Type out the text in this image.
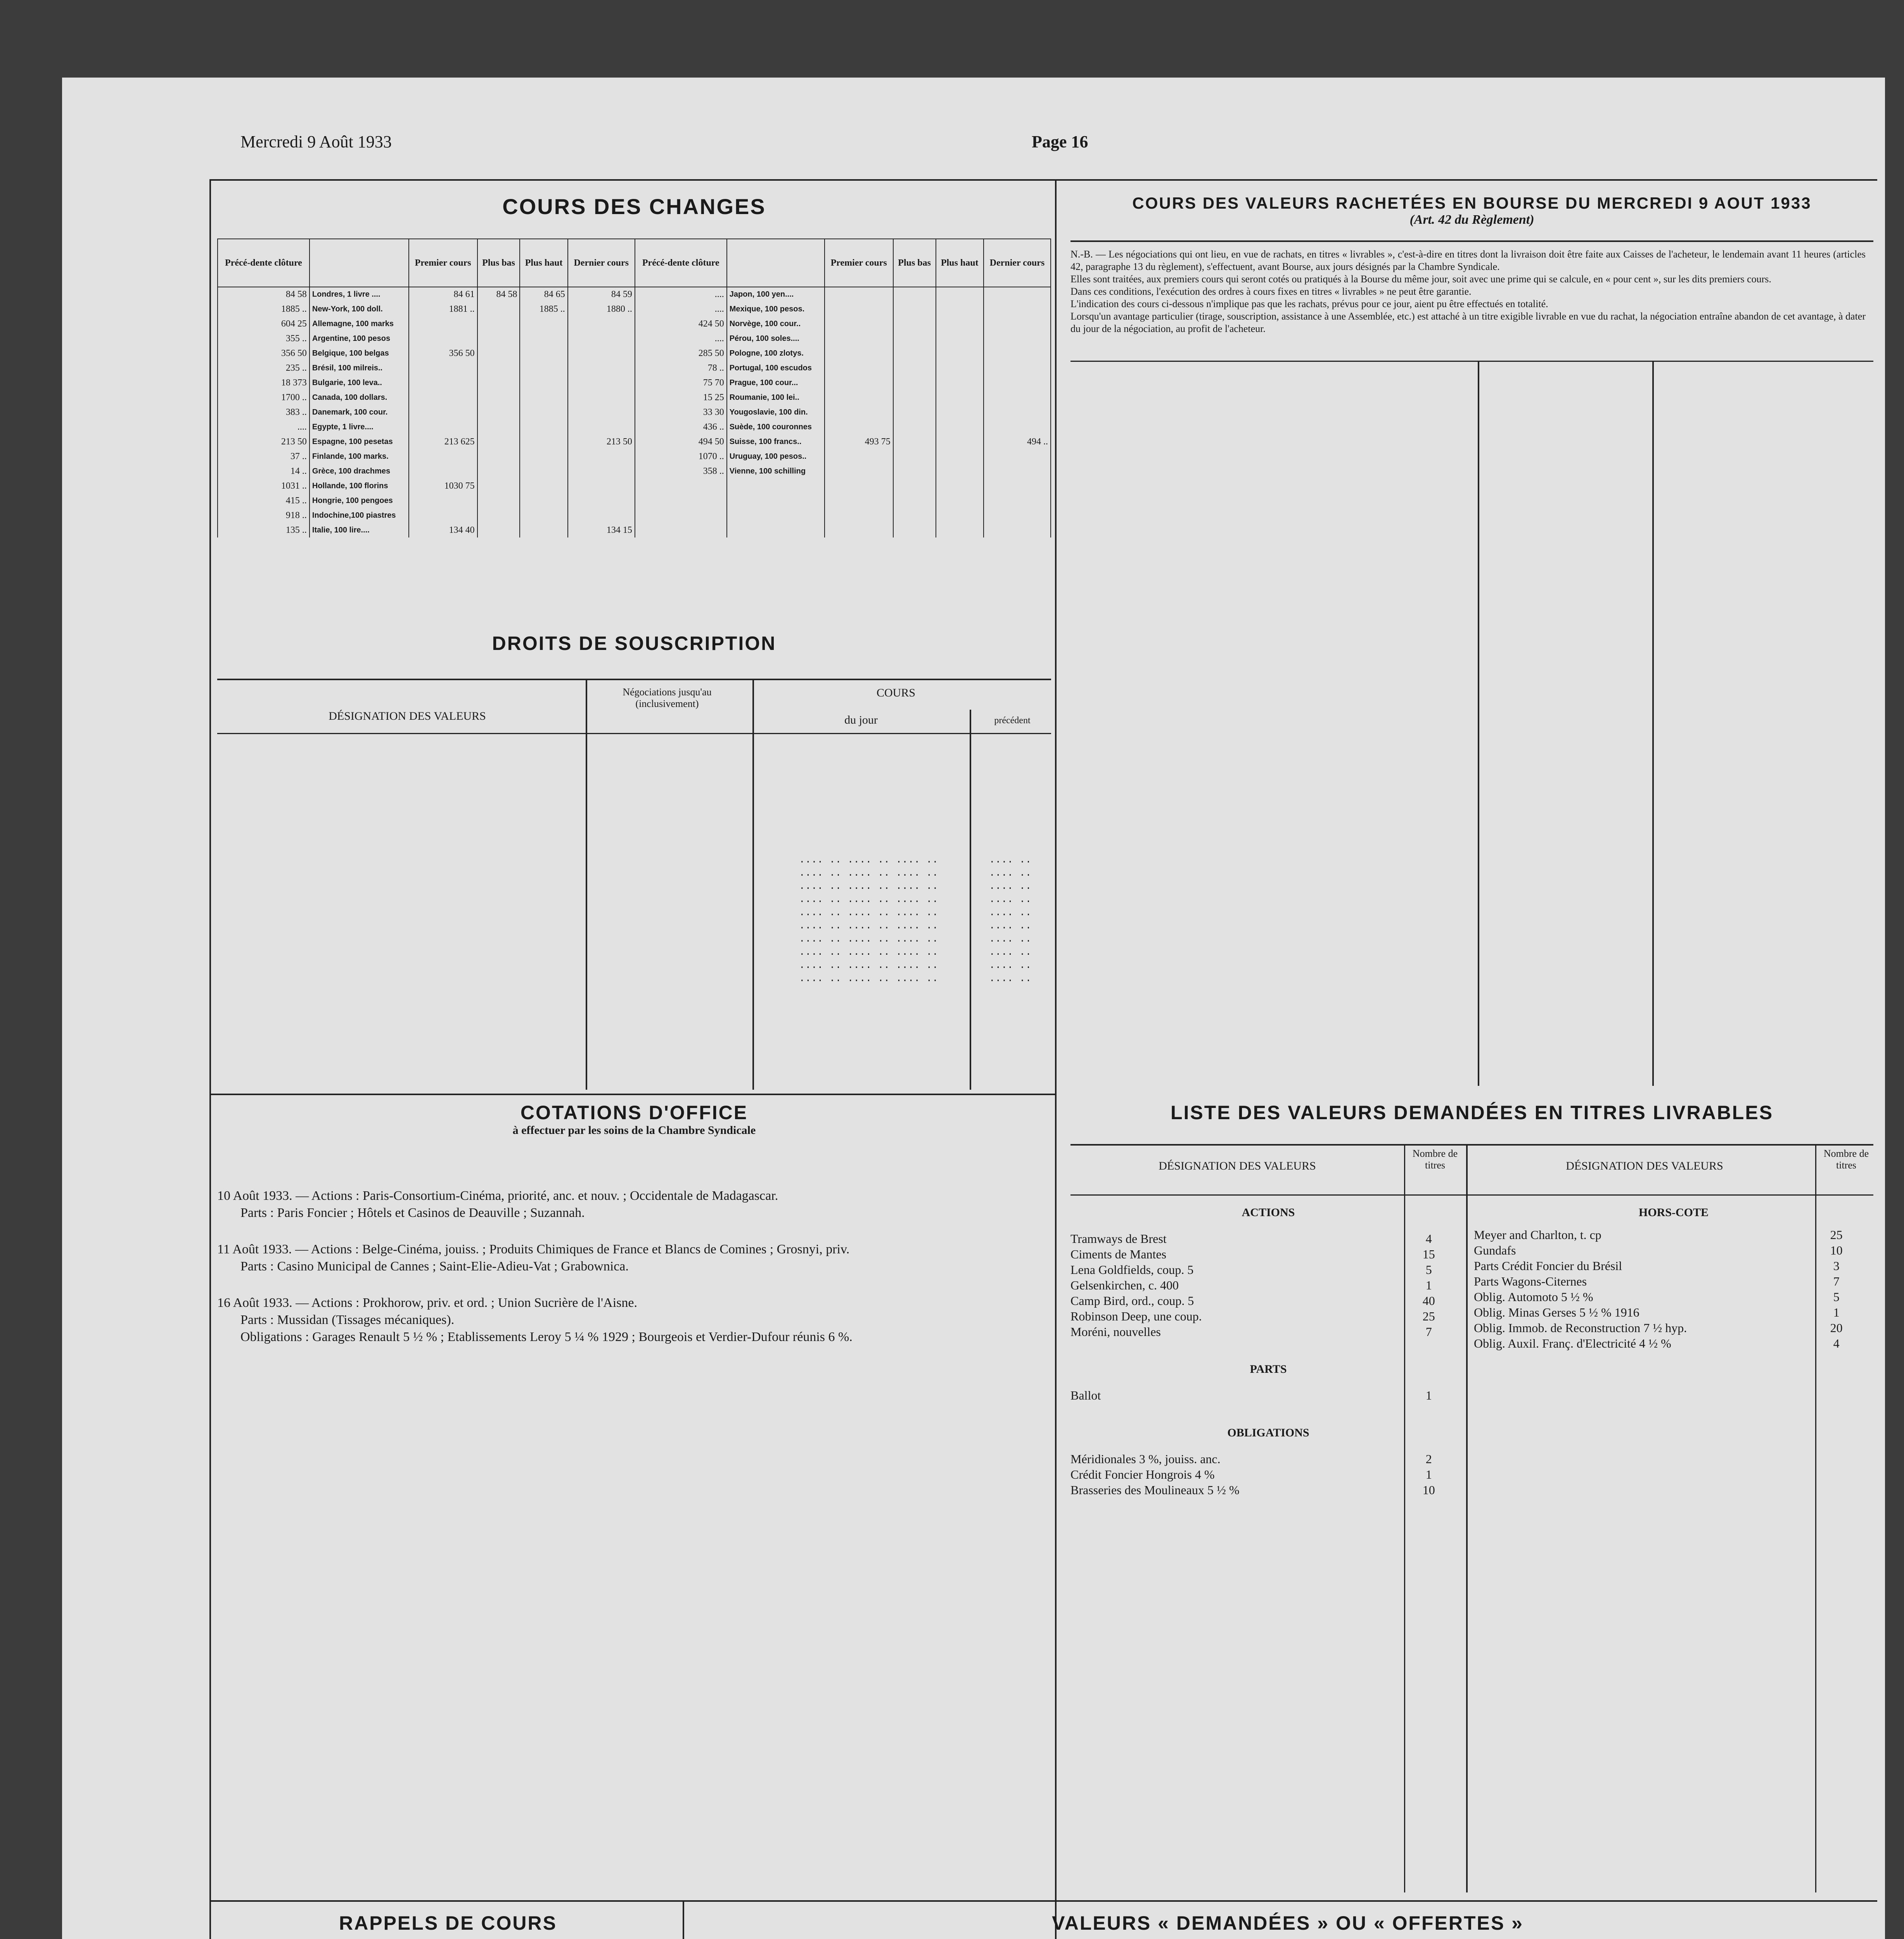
Mercredi 9 Août 1933	Page 16
COURS DES CHANGES
Précé-dente clôture		Premier cours	Plus bas	Plus haut	Dernier cours	Précé-dente clôture		Premier cours	Plus bas	Plus haut	Dernier cours
84 58	Londres, 1 livre ....	84 61	84 58	84 65	84 59	....	Japon, 100 yen....				
1885 ..	New-York, 100 doll.	1881 ..		1885 ..	1880 ..	....	Mexique, 100 pesos.				
604 25	Allemagne, 100 marks					424 50	Norvège, 100 cour..				
355 ..	Argentine, 100 pesos					....	Pérou, 100 soles....				
356 50	Belgique, 100 belgas	356 50				285 50	Pologne, 100 zlotys.				
235 ..	Brésil, 100 milreis..					78 ..	Portugal, 100 escudos				
18 373	Bulgarie, 100 leva..					75 70	Prague, 100 cour...				
1700 ..	Canada, 100 dollars.					15 25	Roumanie, 100 lei..				
383 ..	Danemark, 100 cour.					33 30	Yougoslavie, 100 din.				
....	Egypte, 1 livre....					436 ..	Suède, 100 couronnes				
213 50	Espagne, 100 pesetas	213 625			213 50	494 50	Suisse, 100 francs..	493 75			494 ..
37 ..	Finlande, 100 marks.					1070 ..	Uruguay, 100 pesos..				
14 ..	Grèce, 100 drachmes					358 ..	Vienne, 100 schilling				
1031 ..	Hollande, 100 florins	1030 75									
415 ..	Hongrie, 100 pengoes										
918 ..	Indochine,100 piastres										
135 ..	Italie, 100 lire....	134 40			134 15						
DROITS DE SOUSCRIPTION
DÉSIGNATION DES VALEURS
Négociations jusqu'au (inclusivement)
COURS
du jour	précédent
.... .. .... .. .... ..
.... .. .... .. .... ..
.... .. .... .. .... ..
.... .. .... .. .... ..
.... .. .... .. .... ..
.... .. .... .. .... ..
.... .. .... .. .... ..
.... .. .... .. .... ..
.... .. .... .. .... ..
.... .. .... .. .... ..
.... ..
.... ..
.... ..
.... ..
.... ..
.... ..
.... ..
.... ..
.... ..
.... ..
COURS DES VALEURS RACHETÉES EN BOURSE DU MERCREDI 9 AOUT 1933
(Art. 42 du Règlement)
N.-B. — Les négociations qui ont lieu, en vue de rachats, en titres « livrables », c'est-à-dire en titres dont la livraison doit être faite aux Caisses de l'acheteur, le lendemain avant 11 heures (articles 42, paragraphe 13 du règlement), s'effectuent, avant Bourse, aux jours désignés par la Chambre Syndicale.
Elles sont traitées, aux premiers cours qui seront cotés ou pratiqués à la Bourse du même jour, soit avec une prime qui se calcule, en « pour cent », sur les dits premiers cours.
Dans ces conditions, l'exécution des ordres à cours fixes en titres « livrables » ne peut être garantie.
L'indication des cours ci-dessous n'implique pas que les rachats, prévus pour ce jour, aient pu être effectués en totalité.
Lorsqu'un avantage particulier (tirage, souscription, assistance à une Assemblée, etc.) est attaché à un titre exigible livrable en vue du rachat, la négociation entraîne abandon de cet avantage, à dater du jour de la négociation, au profit de l'acheteur.
COTATIONS D'OFFICE
à effectuer par les soins de la Chambre Syndicale
10 Août 1933. — Actions : Paris-Consortium-Cinéma, priorité, anc. et nouv. ; Occidentale de Madagascar.
Parts : Paris Foncier ; Hôtels et Casinos de Deauville ; Suzannah.
11 Août 1933. — Actions : Belge-Cinéma, jouiss. ; Produits Chimiques de France et Blancs de Comines ; Grosnyi, priv.
Parts : Casino Municipal de Cannes ; Saint-Elie-Adieu-Vat ; Grabownica.
16 Août 1933. — Actions : Prokhorow, priv. et ord. ; Union Sucrière de l'Aisne.
Parts : Mussidan (Tissages mécaniques).
Obligations : Garages Renault 5 ½ % ; Etablissements Leroy 5 ¼ % 1929 ; Bourgeois et Verdier-Dufour réunis 6 %.
LISTE DES VALEURS DEMANDÉES EN TITRES LIVRABLES
DÉSIGNATION DES VALEURS
Nombre de titres	DÉSIGNATION DES VALEURS
Nombre de titres
ACTIONS
Tramways de Brest	4
Ciments de Mantes	15
Lena Goldfields, coup. 5	5
Gelsenkirchen, c. 400	1
Camp Bird, ord., coup. 5	40
Robinson Deep, une coup.	25
Moréni, nouvelles	7
PARTS
Ballot	1
OBLIGATIONS
Méridionales 3 %, jouiss. anc.	2
Crédit Foncier Hongrois 4 %	1
Brasseries des Moulineaux 5 ½ %	10
HORS-COTE
Meyer and Charlton, t. cp	25
Gundafs	10
Parts Crédit Foncier du Brésil	3
Parts Wagons-Citernes	7
Oblig. Automoto 5 ½ %	5
Oblig. Minas Gerses 5 ½ % 1916	1
Oblig. Immob. de Reconstruction 7 ½ hyp.	20
Oblig. Auxil. Franç. d'Electricité 4 ½ %	4
RAPPELS DE COURS	VALEURS « DEMANDÉES » OU « OFFERTES »
